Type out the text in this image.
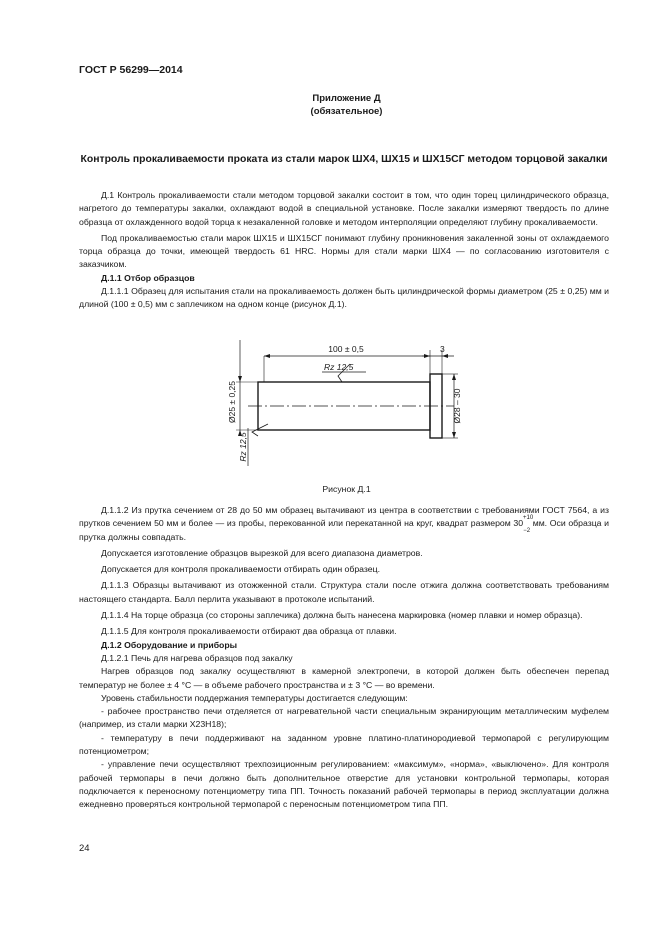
ГОСТ Р 56299—2014
Приложение Д
(обязательное)
Контроль прокаливаемости проката из стали марок ШХ4, ШХ15 и ШХ15СГ методом торцовой закалки

Д.1 Контроль прокаливаемости стали методом торцовой закалки состоит в том, что один торец цилиндрического образца, нагретого до температуры закалки, охлаждают водой в специальной установке. После закалки измеряют твердость по длине образца от охлажденного водой торца к незакаленной головке и методом интерполяции определяют глубину прокаливаемости.

Под прокаливаемостью стали марок ШХ15 и ШХ15СГ понимают глубину проникновения закаленной зоны от охлаждаемого торца образца до точки, имеющей твердость 61 HRC. Нормы для стали марки ШХ4 — по согласованию изготовителя с заказчиком.

Д.1.1 Отбор образцов

Д.1.1.1 Образец для испытания стали на прокаливаемость должен быть цилиндрической формы диаметром (25 ± 0,25) мм и длиной (100 ± 0,5) мм с заплечиком на одном конце (рисунок Д.1).

100 ± 0,5	3
Rz 12,5
Ø25 ± 0,25	Ø28 – 30
Rz 12,5
Рисунок Д.1

Д.1.1.2 Из прутка сечением от 28 до 50 мм образец вытачивают из центра в соответствии с требованиями ГОСТ 7564, а из прутков сечением 50 мм и более — из пробы, перекованной или перекатанной на круг, квадрат размером $30^{+10}_{-2}$ мм. Оси образца и прутка должны совпадать.

Допускается изготовление образцов вырезкой для всего диапазона диаметров.

Допускается для контроля прокаливаемости отбирать один образец.

Д.1.1.3 Образцы вытачивают из отожженной стали. Структура стали после отжига должна соответствовать требованиям настоящего стандарта. Балл перлита указывают в протоколе испытаний.

Д.1.1.4 На торце образца (со стороны заплечика) должна быть нанесена маркировка (номер плавки и номер образца).

Д.1.1.5 Для контроля прокаливаемости отбирают два образца от плавки.

Д.1.2 Оборудование и приборы

Д.1.2.1 Печь для нагрева образцов под закалку

Нагрев образцов под закалку осуществляют в камерной электропечи, в которой должен быть обеспечен перепад температур не более ± 4 °С — в объеме рабочего пространства и ± 3 °С — во времени.

Уровень стабильности поддержания температуры достигается следующим:

- рабочее пространство печи отделяется от нагревательной части специальным экранирующим металлическим муфелем (например, из стали марки Х23Н18);

- температуру в печи поддерживают на заданном уровне платино-платинородиевой термопарой с регулирующим потенциометром;

- управление печи осуществляют трехпозиционным регулированием: «максимум», «норма», «выключено». Для контроля рабочей термопары в печи должно быть дополнительное отверстие для установки контрольной термопары, которая подключается к переносному потенциометру типа ПП. Точность показаний рабочей термопары в период эксплуатации должна ежедневно проверяться контрольной термопарой с переносным потенциометром типа ПП.

24
